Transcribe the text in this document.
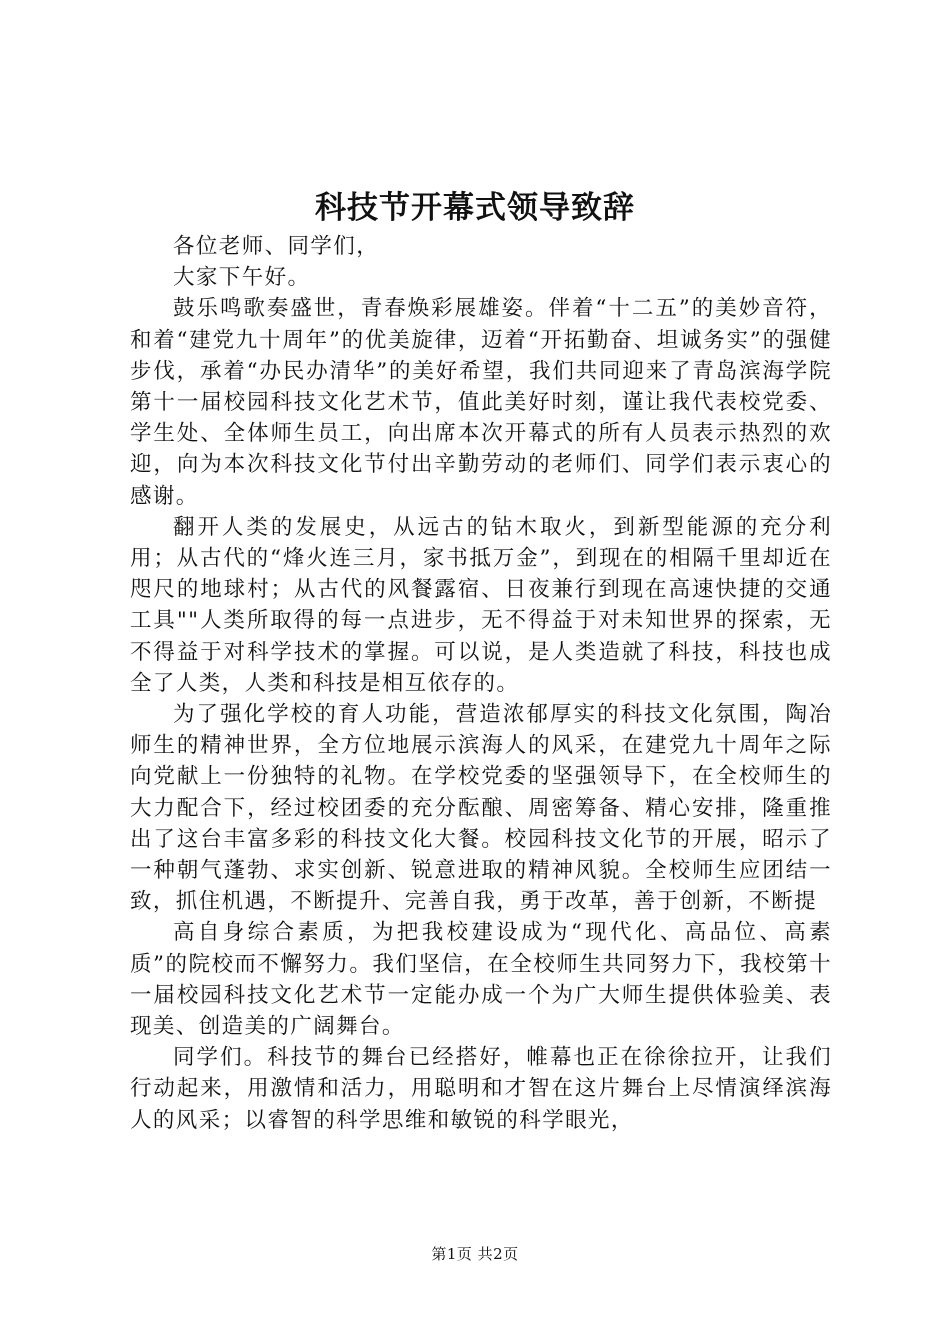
科技节开幕式领导致辞

各位老师、同学们，

大家下午好。

鼓乐鸣歌奏盛世，青春焕彩展雄姿。伴着“十二五”的美妙音符，和着“建党九十周年”的优美旋律，迈着“开拓勤奋、坦诚务实”的强健步伐，承着“办民办清华”的美好希望，我们共同迎来了青岛滨海学院第十一届校园科技文化艺术节，值此美好时刻，谨让我代表校党委、学生处、全体师生员工，向出席本次开幕式的所有人员表示热烈的欢迎，向为本次科技文化节付出辛勤劳动的老师们、同学们表示衷心的感谢。

翻开人类的发展史，从远古的钻木取火，到新型能源的充分利用；从古代的“烽火连三月，家书抵万金”，到现在的相隔千里却近在咫尺的地球村；从古代的风餐露宿、日夜兼行到现在高速快捷的交通工具""人类所取得的每一点进步，无不得益于对未知世界的探索，无不得益于对科学技术的掌握。可以说，是人类造就了科技，科技也成全了人类，人类和科技是相互依存的。

为了强化学校的育人功能，营造浓郁厚实的科技文化氛围，陶冶师生的精神世界，全方位地展示滨海人的风采，在建党九十周年之际向党献上一份独特的礼物。在学校党委的坚强领导下，在全校师生的大力配合下，经过校团委的充分酝酿、周密筹备、精心安排，隆重推出了这台丰富多彩的科技文化大餐。校园科技文化节的开展，昭示了一种朝气蓬勃、求实创新、锐意进取的精神风貌。全校师生应团结一致，抓住机遇，不断提升、完善自我，勇于改革，善于创新，不断提

高自身综合素质，为把我校建设成为“现代化、高品位、高素质”的院校而不懈努力。我们坚信，在全校师生共同努力下，我校第十一届校园科技文化艺术节一定能办成一个为广大师生提供体验美、表现美、创造美的广阔舞台。

同学们。科技节的舞台已经搭好，帷幕也正在徐徐拉开，让我们行动起来，用激情和活力，用聪明和才智在这片舞台上尽情演绎滨海人的风采；以睿智的科学思维和敏锐的科学眼光，

第1页 共2页
